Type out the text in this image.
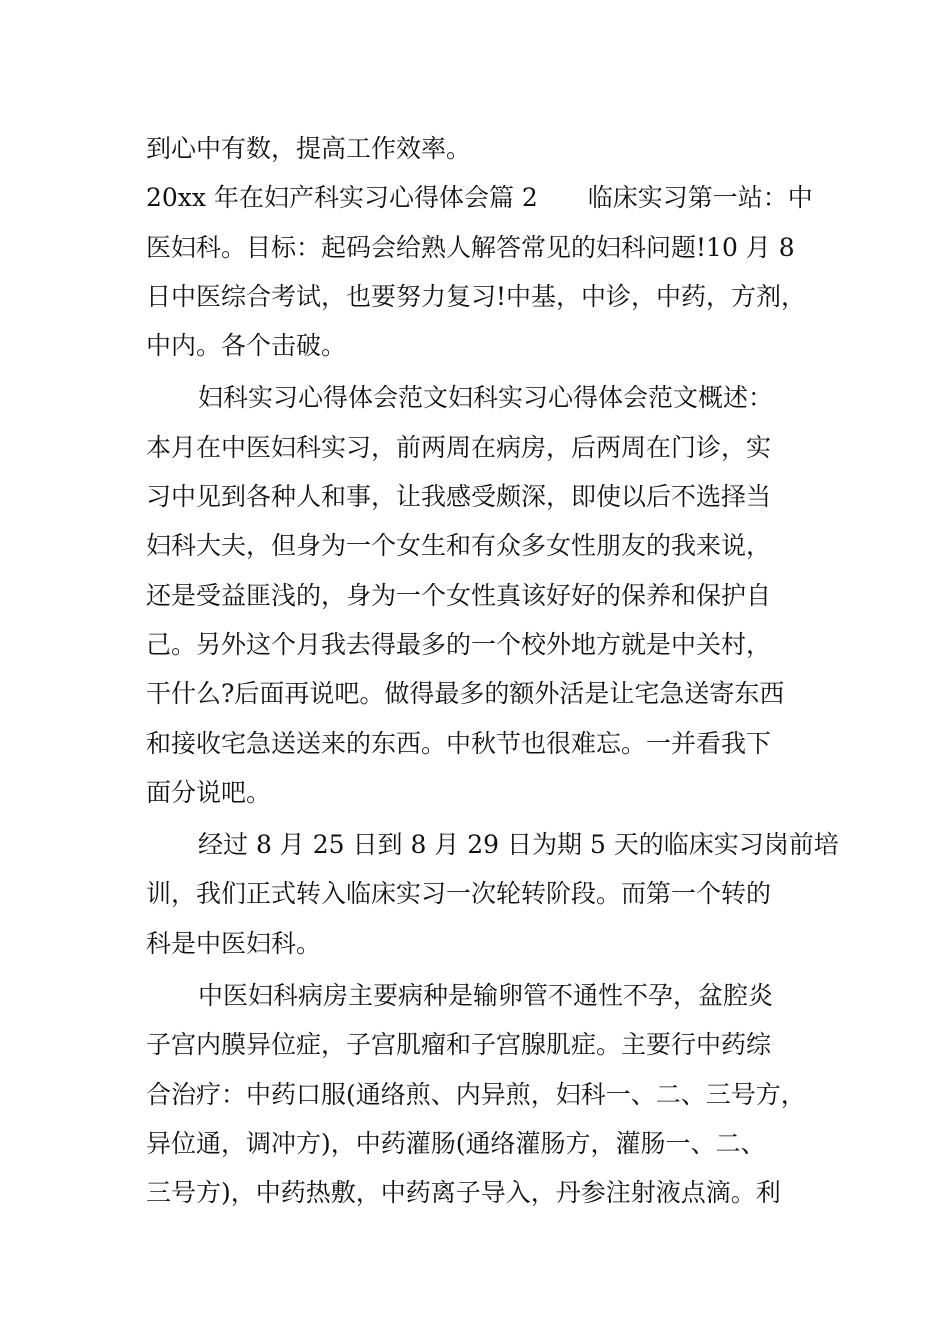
到心中有数，提高工作效率。
20xx 年在妇产科实习心得体会篇 2　　临床实习第一站：中
医妇科。目标：起码会给熟人解答常见的妇科问题!10 月 8
日中医综合考试，也要努力复习!中基，中诊，中药，方剂，
中内。各个击破。
妇科实习心得体会范文妇科实习心得体会范文概述：
本月在中医妇科实习，前两周在病房，后两周在门诊，实
习中见到各种人和事，让我感受颇深，即使以后不选择当
妇科大夫，但身为一个女生和有众多女性朋友的我来说，
还是受益匪浅的，身为一个女性真该好好的保养和保护自
己。另外这个月我去得最多的一个校外地方就是中关村，
干什么?后面再说吧。做得最多的额外活是让宅急送寄东西
和接收宅急送送来的东西。中秋节也很难忘。一并看我下
面分说吧。
经过 8 月 25 日到 8 月 29 日为期 5 天的临床实习岗前培
训，我们正式转入临床实习一次轮转阶段。而第一个转的
科是中医妇科。
中医妇科病房主要病种是输卵管不通性不孕，盆腔炎
子宫内膜异位症，子宫肌瘤和子宫腺肌症。主要行中药综
合治疗：中药口服(通络煎、内异煎，妇科一、二、三号方，
异位通，调冲方)，中药灌肠(通络灌肠方，灌肠一、二、
三号方)，中药热敷，中药离子导入，丹参注射液点滴。利
